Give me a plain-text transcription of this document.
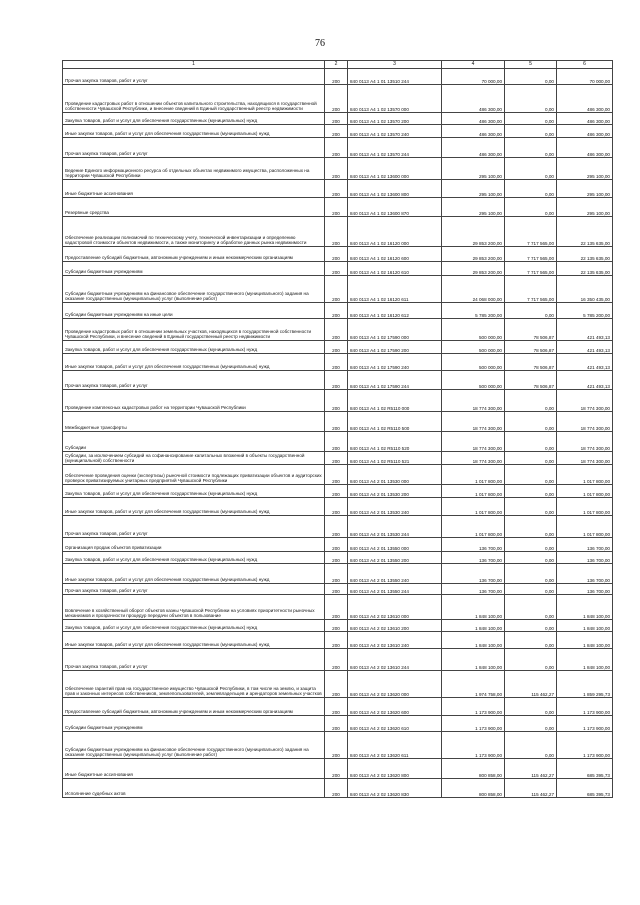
76
1	2	3	4	5	6

Прочая закупка товаров, работ и услуг	200	840 0113 А4 1 01 13510 244	70 000,00	0,00	70 000,00

Проведение кадастровых работ в отношении объектов капитального строительства, находящихся в государственной собственности Чувашской Республики, и внесение сведений в Единый государственный реестр недвижимости	200	840 0113 А4 1 02 13570 000	486 300,00	0,00	486 300,00

Закупка товаров, работ и услуг для обеспечения государственных (муниципальных) нужд	200	840 0113 А4 1 02 13570 200	486 300,00	0,00	486 300,00

Иные закупки товаров, работ и услуг для обеспечения государственных (муниципальных) нужд	200	840 0113 А4 1 02 13570 240	486 300,00	0,00	486 300,00

Прочая закупка товаров, работ и услуг	200	840 0113 А4 1 02 13570 244	486 300,00	0,00	486 300,00

Ведение Единого информационного ресурса об отдельных объектах недвижимого имущества, расположенных на территории Чувашской Республики	200	840 0113 А4 1 02 13600 000	295 100,00	0,00	295 100,00

Иные бюджетные ассигнования	200	840 0113 А4 1 02 13600 800	295 100,00	0,00	295 100,00

Резервные средства	200	840 0113 А4 1 02 13600 870	295 100,00	0,00	295 100,00

Обеспечение реализации полномочий по техническому учету, технической инвентаризации и определению кадастровой стоимости объектов недвижимости, а также мониторингу и обработке данных рынка недвижимости	200	840 0113 А4 1 02 16120 000	29 853 200,00	7 717 565,00	22 135 635,00

Предоставление субсидий бюджетным, автономным учреждениям и иным некоммерческим организациям	200	840 0113 А4 1 02 16120 600	29 853 200,00	7 717 565,00	22 135 635,00

Субсидии бюджетным учреждениям	200	840 0113 А4 1 02 16120 610	29 853 200,00	7 717 565,00	22 135 635,00

Субсидии бюджетным учреждениям на финансовое обеспечение государственного (муниципального) задания на оказание государственных (муниципальных) услуг (выполнение работ)	200	840 0113 А4 1 02 16120 611	24 068 000,00	7 717 565,00	16 350 435,00

Субсидии бюджетным учреждениям на иные цели	200	840 0113 А4 1 02 16120 612	5 785 200,00	0,00	5 785 200,00

Проведение кадастровых работ в отношении земельных участков, находящихся в государственной собственности Чувашской Республики, и внесение сведений в Единый государственный реестр недвижимости	200	840 0113 А4 1 02 17590 000	500 000,00	78 506,87	421 493,13

Закупка товаров, работ и услуг для обеспечения государственных (муниципальных) нужд	200	840 0113 А4 1 02 17590 200	500 000,00	78 506,87	421 493,13

Иные закупки товаров, работ и услуг для обеспечения государственных (муниципальных) нужд	200	840 0113 А4 1 02 17590 240	500 000,00	78 506,87	421 493,13

Прочая закупка товаров, работ и услуг	200	840 0113 А4 1 02 17590 244	500 000,00	78 506,87	421 493,13

Проведение комплексных кадастровых работ на территории Чувашской Республики	200	840 0113 А4 1 02 R5110 000	18 774 300,00	0,00	18 774 300,00

Межбюджетные трансферты	200	840 0113 А4 1 02 R5110 500	18 774 300,00	0,00	18 774 300,00

Субсидии	200	840 0113 А4 1 02 R5110 520	18 774 300,00	0,00	18 774 300,00

Субсидии, за исключением субсидий на софинансирование капитальных вложений в объекты государственной (муниципальной) собственности	200	840 0113 А4 1 02 R5110 521	18 774 300,00	0,00	18 774 300,00

Обеспечение проведения оценки (экспертизы) рыночной стоимости подлежащих приватизации объектов и аудиторских проверок приватизируемых унитарных предприятий Чувашской Республики	200	840 0113 А4 2 01 13530 000	1 017 800,00	0,00	1 017 800,00

Закупка товаров, работ и услуг для обеспечения государственных (муниципальных) нужд	200	840 0113 А4 2 01 13530 200	1 017 800,00	0,00	1 017 800,00

Иные закупки товаров, работ и услуг для обеспечения государственных (муниципальных) нужд	200	840 0113 А4 2 01 13530 240	1 017 800,00	0,00	1 017 800,00

Прочая закупка товаров, работ и услуг	200	840 0113 А4 2 01 13530 244	1 017 800,00	0,00	1 017 800,00

Организация продаж объектов приватизации	200	840 0113 А4 2 01 13550 000	136 700,00	0,00	136 700,00

Закупка товаров, работ и услуг для обеспечения государственных (муниципальных) нужд	200	840 0113 А4 2 01 13550 200	136 700,00	0,00	136 700,00

Иные закупки товаров, работ и услуг для обеспечения государственных (муниципальных) нужд	200	840 0113 А4 2 01 13550 240	136 700,00	0,00	136 700,00

Прочая закупка товаров, работ и услуг	200	840 0113 А4 2 01 13550 244	136 700,00	0,00	136 700,00

Вовлечение в хозяйственный оборот объектов казны Чувашской Республики на условиях приоритетности рыночных механизмов и прозрачности процедур передачи объектов в пользование	200	840 0113 А4 2 02 13610 000	1 848 100,00	0,00	1 848 100,00

Закупка товаров, работ и услуг для обеспечения государственных (муниципальных) нужд	200	840 0113 А4 2 02 13610 200	1 848 100,00	0,00	1 848 100,00

Иные закупки товаров, работ и услуг для обеспечения государственных (муниципальных) нужд	200	840 0113 А4 2 02 13610 240	1 848 100,00	0,00	1 848 100,00

Прочая закупка товаров, работ и услуг	200	840 0113 А4 2 02 13610 244	1 848 100,00	0,00	1 848 100,00

Обеспечение гарантий прав на государственное имущество Чувашской Республики, в том числе на землю, и защита прав и законных интересов собственников, землепользователей, землевладельцев и арендаторов земельных участков	200	840 0113 А4 2 02 13620 000	1 974 758,00	115 462,27	1 859 295,73

Предоставление субсидий бюджетным, автономным учреждениям и иным некоммерческим организациям	200	840 0113 А4 2 02 13620 600	1 173 900,00	0,00	1 173 900,00

Субсидии бюджетным учреждениям	200	840 0113 А4 2 02 13620 610	1 173 900,00	0,00	1 173 900,00

Субсидии бюджетным учреждениям на финансовое обеспечение государственного (муниципального) задания на оказание государственных (муниципальных) услуг (выполнение работ)	200	840 0113 А4 2 02 13620 611	1 173 900,00	0,00	1 173 900,00

Иные бюджетные ассигнования	200	840 0113 А4 2 02 13620 800	800 858,00	115 462,27	685 395,73

Исполнение судебных актов	200	840 0113 А4 2 02 13620 830	800 858,00	115 462,27	685 395,73
